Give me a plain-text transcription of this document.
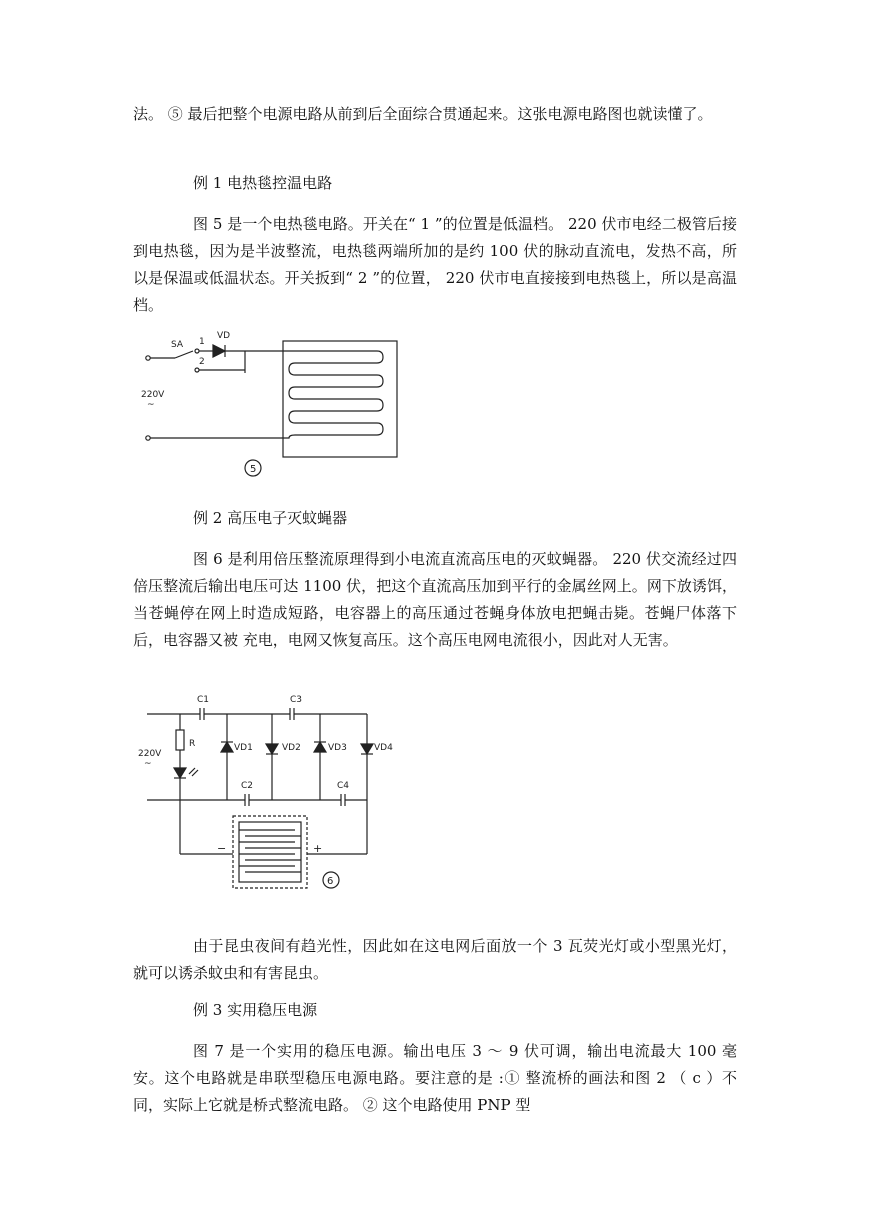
法。 ⑤ 最后把整个电源电路从前到后全面综合贯通起来。这张电源电路图也就读懂了。

例 1 电热毯控温电路

图 5 是一个电热毯电路。开关在“ 1 ”的位置是低温档。 220 伏市电经二极管后接到电热毯，因为是半波整流，电热毯两端所加的是约 100 伏的脉动直流电，发热不高，所以是保温或低温状态。开关扳到“ 2 ”的位置， 220 伏市电直接接到电热毯上，所以是高温档。

SA 1
2
VD
220V
~
5
例 2 高压电子灭蚊蝇器

图 6 是利用倍压整流原理得到小电流直流高压电的灭蚊蝇器。 220 伏交流经过四倍压整流后输出电压可达 1100 伏，把这个直流高压加到平行的金属丝网上。网下放诱饵，当苍蝇停在网上时造成短路，电容器上的高压通过苍蝇身体放电把蝇击毙。苍蝇尸体落下后，电容器又被 充电，电网又恢复高压。这个高压电网电流很小，因此对人无害。

C1
C2
C3
C4
R	VD1	VD2	VD3	VD4
220V
~
−	+
6

由于昆虫夜间有趋光性，因此如在这电网后面放一个 3 瓦荧光灯或小型黑光灯，就可以诱杀蚊虫和有害昆虫。

例 3 实用稳压电源

图 7 是一个实用的稳压电源。输出电压 3 ～ 9 伏可调，输出电流最大 100 毫安。这个电路就是串联型稳压电源电路。要注意的是 :① 整流桥的画法和图 2 （ c ）不同，实际上它就是桥式整流电路。 ② 这个电路使用 PNP 型
